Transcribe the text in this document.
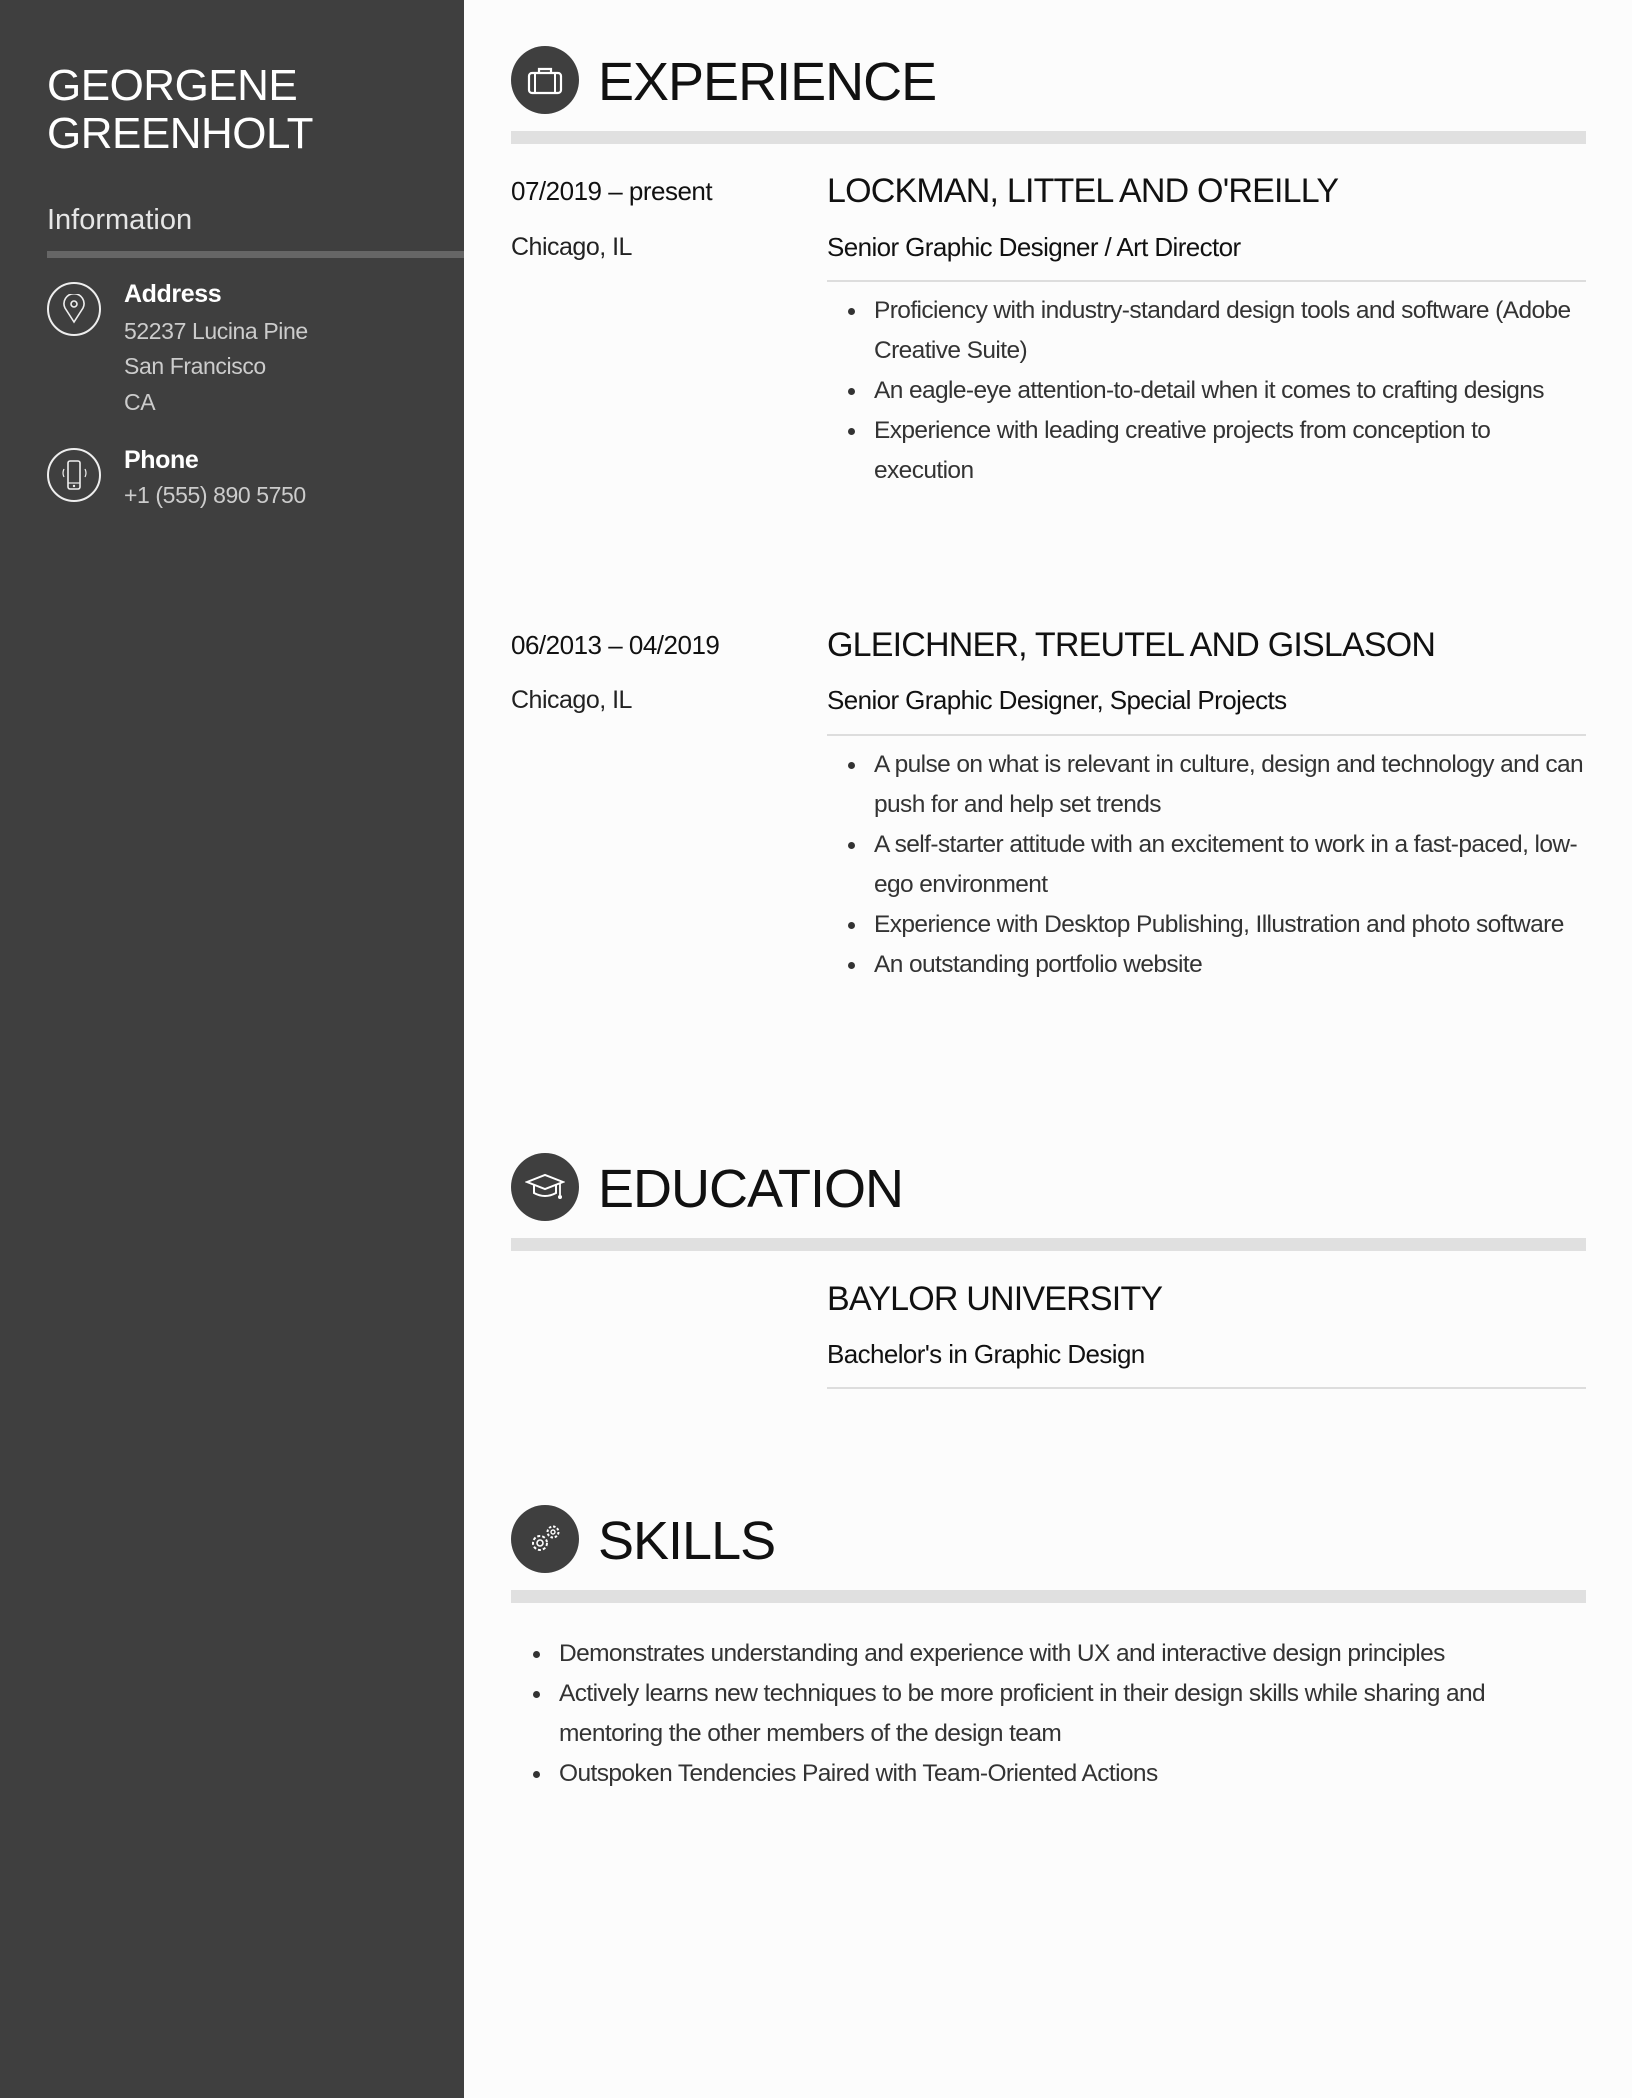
GEORGENE
GREENHOLT
Information
Address
52237 Lucina Pine
San Francisco
CA
Phone
+1 (555) 890 5750
EXPERIENCE
07/2019 – present
Chicago, IL
LOCKMAN, LITTEL AND O'REILLY
Senior Graphic Designer / Art Director
Proficiency with industry-standard design tools and software (Adobe Creative Suite)
An eagle-eye attention-to-detail when it comes to crafting designs
Experience with leading creative projects from conception to execution
06/2013 – 04/2019
Chicago, IL
GLEICHNER, TREUTEL AND GISLASON
Senior Graphic Designer, Special Projects
A pulse on what is relevant in culture, design and technology and can push for and help set trends
A self-starter attitude with an excitement to work in a fast-paced, low-ego environment
Experience with Desktop Publishing, Illustration and photo software
An outstanding portfolio website
EDUCATION
BAYLOR UNIVERSITY
Bachelor's in Graphic Design
SKILLS
Demonstrates understanding and experience with UX and interactive design principles
Actively learns new techniques to be more proficient in their design skills while sharing and mentoring the other members of the design team
Outspoken Tendencies Paired with Team-Oriented Actions
